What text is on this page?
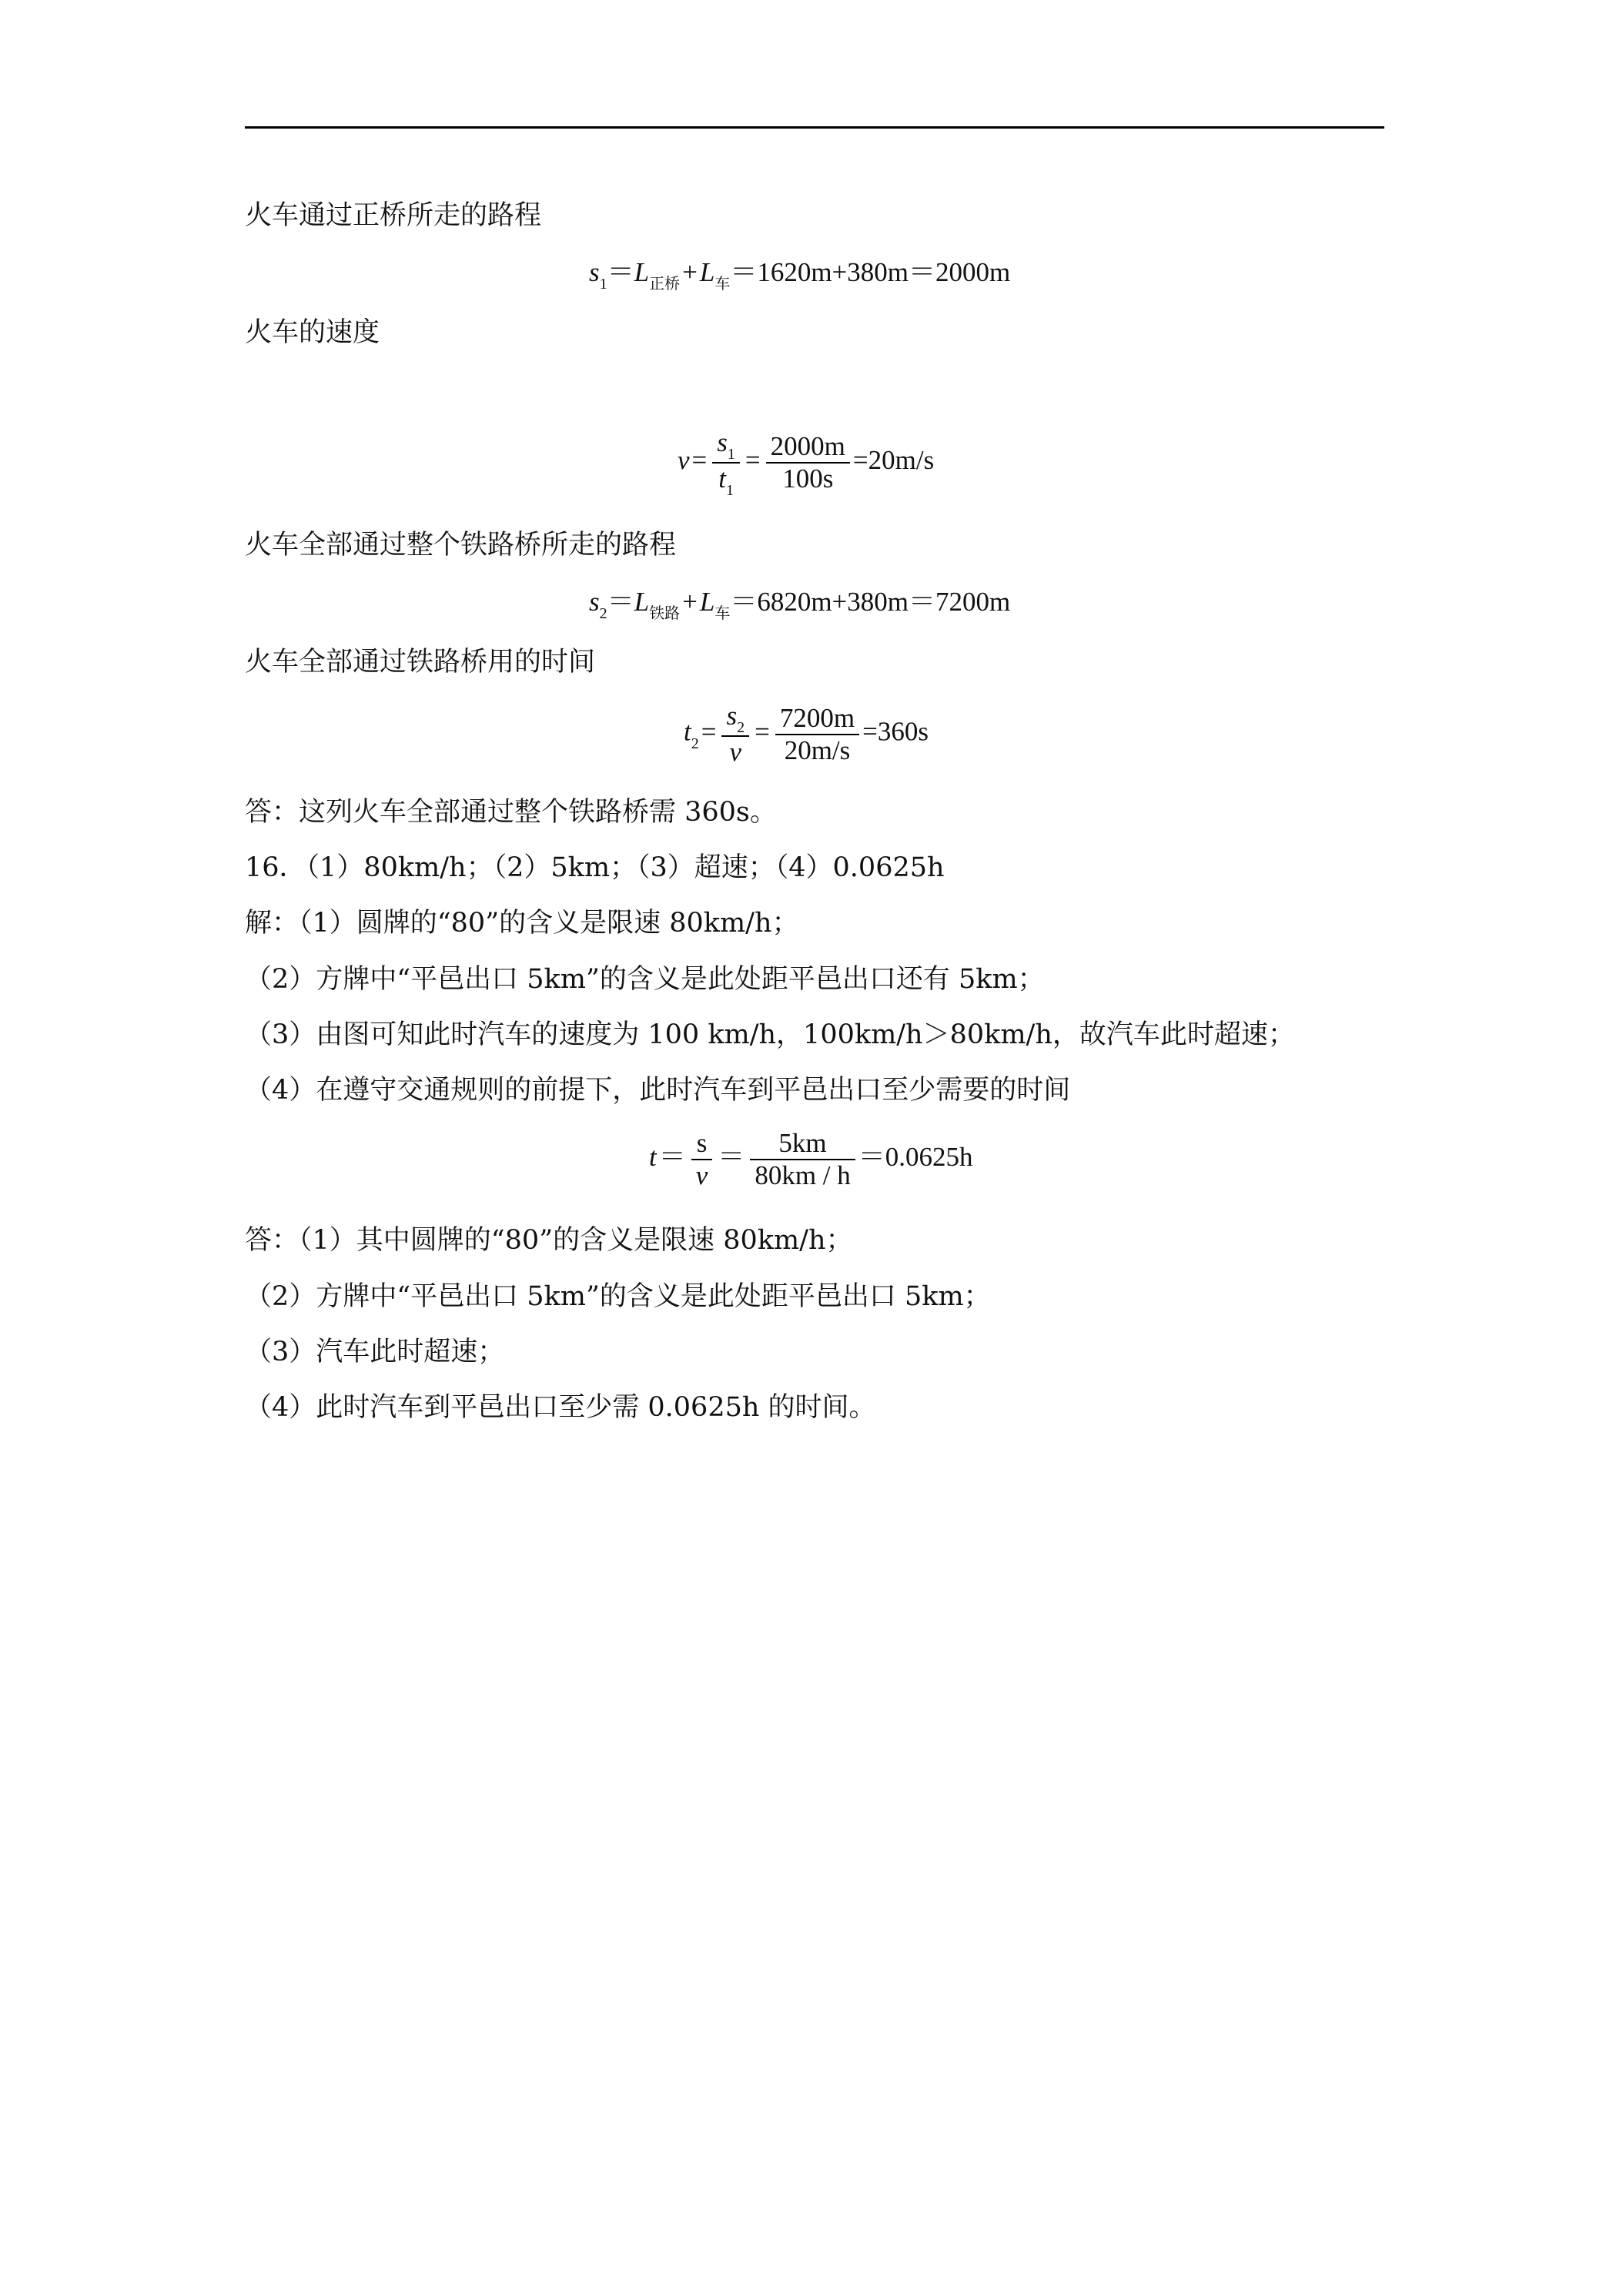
火车通过正桥所走的路程
$s_1=L_{正桥}+L_车=1620m+380m=2000m$
火车的速度
$v= \frac{s_1}{t_1} = \frac{2000m}{100s} =20m/s$
火车全部通过整个铁路桥所走的路程
$s_2=L_{铁路}+L_车=6820m+380m=7200m$
火车全部通过铁路桥用的时间
$t_2= \frac{s_2}{v} = \frac{7200m}{20m/s} =360s$
答：这列火车全部通过整个铁路桥需 360s。
16．（1）80km/h；（2）5km；（3）超速；（4）0.0625h
解：（1）圆牌的“80”的含义是限速 80km/h；
（2）方牌中“平邑出口 5km”的含义是此处距平邑出口还有 5km；
（3）由图可知此时汽车的速度为 100 km/h，100km/h＞80km/h，故汽车此时超速；
（4）在遵守交通规则的前提下，此时汽车到平邑出口至少需要的时间
$t= \frac{s}{v} = \frac{5km}{80km / h} =0.0625h$
答：（1）其中圆牌的“80”的含义是限速 80km/h；
（2）方牌中“平邑出口 5km”的含义是此处距平邑出口 5km；
（3）汽车此时超速；
（4）此时汽车到平邑出口至少需 0.0625h 的时间。
